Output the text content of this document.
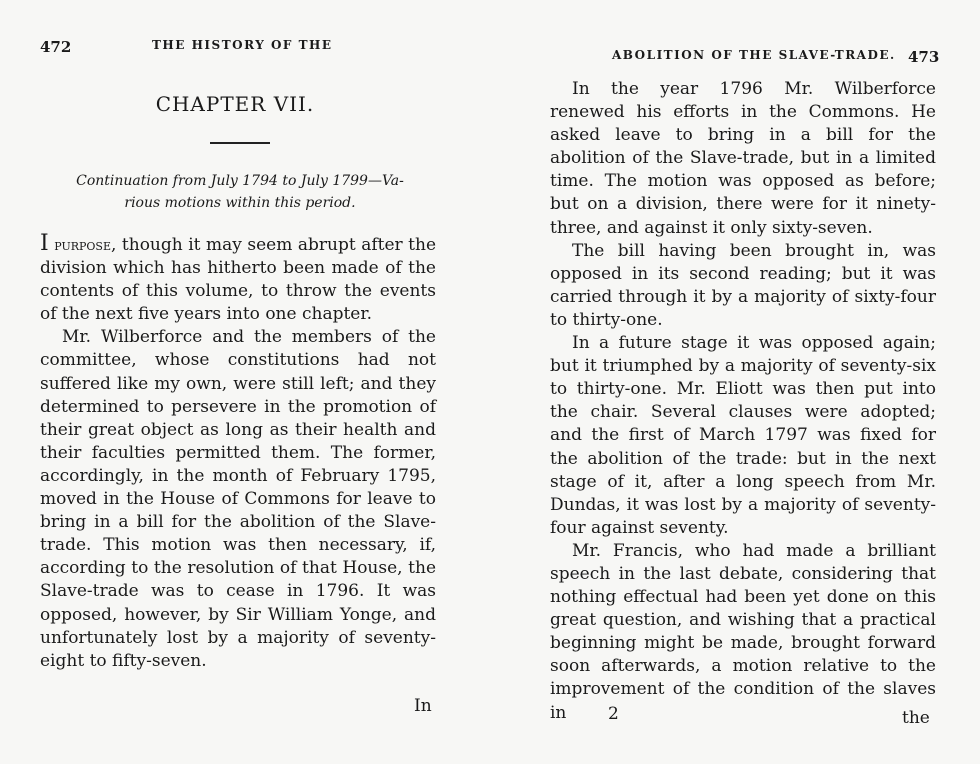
472	THE HISTORY OF THE
CHAPTER VII.
Continuation from July 1794 to July 1799—Va-
rious motions within this period.

I purpose, though it may seem abrupt after the division which has hitherto been made of the contents of this volume, to throw the events of the next five years into one chapter.

Mr. Wilberforce and the members of the committee, whose constitutions had not suffered like my own, were still left; and they determined to persevere in the promotion of their great object as long as their health and their faculties permitted them. The former, accordingly, in the month of February 1795, moved in the House of Commons for leave to bring in a bill for the abolition of the Slave-trade. This motion was then necessary, if, according to the resolution of that House, the Slave-trade was to cease in 1796. It was opposed, however, by Sir William Yonge, and unfortunately lost by a majority of seventy-eight to fifty-seven.

In
ABOLITION OF THE SLAVE-TRADE. 473

In the year 1796 Mr. Wilberforce renewed his efforts in the Commons. He asked leave to bring in a bill for the abolition of the Slave-trade, but in a limited time. The motion was opposed as before; but on a division, there were for it ninety-three, and against it only sixty-seven.

The bill having been brought in, was opposed in its second reading; but it was carried through it by a majority of sixty-four to thirty-one.

In a future stage it was opposed again; but it triumphed by a majority of seventy-six to thirty-one. Mr. Eliott was then put into the chair. Several clauses were adopted; and the first of March 1797 was fixed for the abolition of the trade: but in the next stage of it, after a long speech from Mr. Dundas, it was lost by a majority of seventy-four against seventy.

Mr. Francis, who had made a brilliant speech in the last debate, considering that nothing effectual had been yet done on this great question, and wishing that a practical beginning might be made, brought forward soon afterwards, a motion relative to the improvement of the condition of the slaves in	2	the
